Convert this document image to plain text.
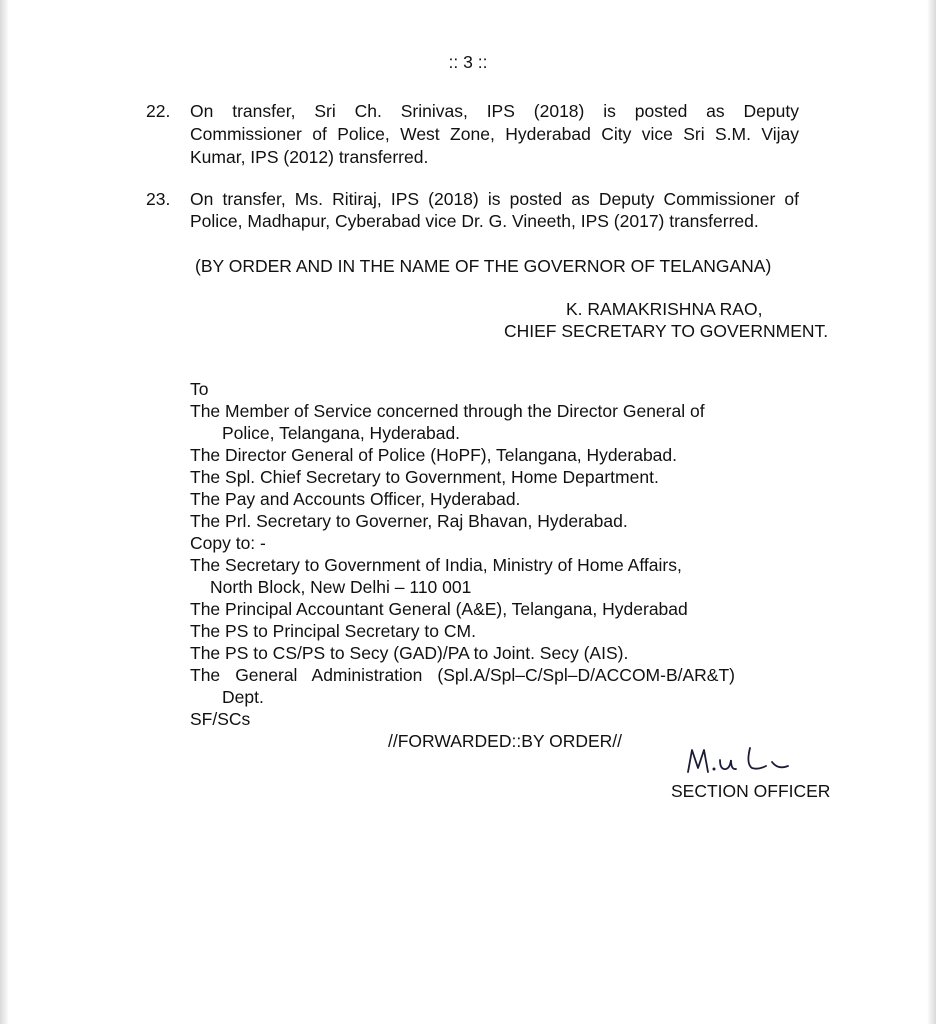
:: 3 ::
22. On transfer, Sri Ch. Srinivas, IPS (2018) is posted as Deputy
Commissioner of Police, West Zone, Hyderabad City vice Sri S.M. Vijay
Kumar, IPS (2012) transferred.
23. On transfer, Ms. Ritiraj, IPS (2018) is posted as Deputy Commissioner of
Police, Madhapur, Cyberabad vice Dr. G. Vineeth, IPS (2017) transferred.
(BY ORDER AND IN THE NAME OF THE GOVERNOR OF TELANGANA)
K. RAMAKRISHNA RAO,
CHIEF SECRETARY TO GOVERNMENT.
To
The Member of Service concerned through the Director General of
Police, Telangana, Hyderabad.
The Director General of Police (HoPF), Telangana, Hyderabad.
The Spl. Chief Secretary to Government, Home Department.
The Pay and Accounts Officer, Hyderabad.
The Prl. Secretary to Governer, Raj Bhavan, Hyderabad.
Copy to: -
The Secretary to Government of India, Ministry of Home Affairs,
North Block, New Delhi – 110 001
The Principal Accountant General (A&E), Telangana, Hyderabad
The PS to Principal Secretary to CM.
The PS to CS/PS to Secy (GAD)/PA to Joint. Secy (AIS).
The General Administration (Spl.A/Spl–C/Spl–D/ACCOM-B/AR&T)
Dept.
SF/SCs
//FORWARDED::BY ORDER//
SECTION OFFICER
